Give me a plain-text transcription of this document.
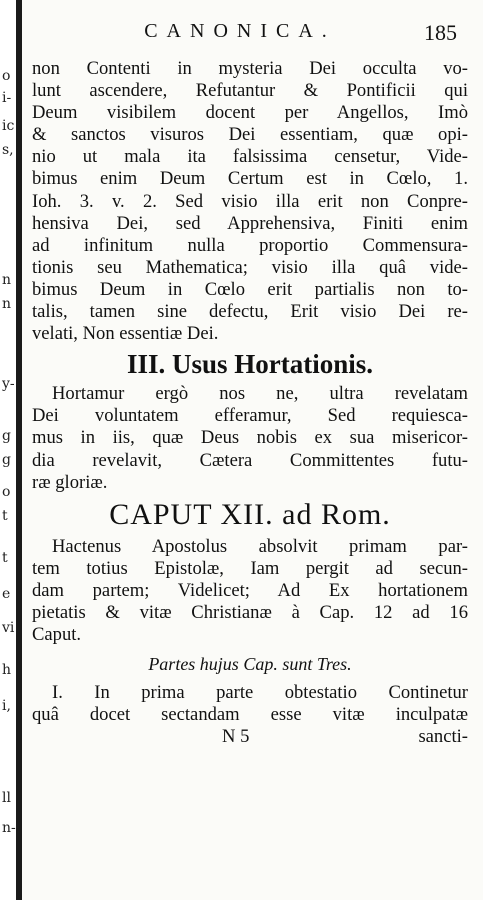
o
i-
ic
s,
n
n
y-
g
g
o
t
t
e
vi
h
i,
ll
n-
CANONICA.	185
non Contenti in mysteria Dei occulta vo-
lunt ascendere, Refutantur & Pontificii qui
Deum visibilem docent per Angellos, Imò
& sanctos visuros Dei essentiam, quæ opi-
nio ut mala ita falsissima censetur, Vide-
bimus enim Deum Certum est in Cœlo, 1.
Ioh. 3. v. 2. Sed visio illa erit non Conpre-
hensiva Dei, sed Apprehensiva, Finiti enim
ad infinitum nulla proportio Commensura-
tionis seu Mathematica; visio illa quâ vide-
bimus Deum in Cœlo erit partialis non to-
talis, tamen sine defectu, Erit visio Dei re-
velati, Non essentiæ Dei.
III. Usus Hortationis.
Hortamur ergò nos ne, ultra revelatam
Dei voluntatem efferamur, Sed requiesca-
mus in iis, quæ Deus nobis ex sua misericor-
dia revelavit, Cætera Committentes futu-
ræ gloriæ.
CAPUT XII. ad Rom.
Hactenus Apostolus absolvit primam par-
tem totius Epistolæ, Iam pergit ad secun-
dam partem; Videlicet; Ad Ex hortationem
pietatis & vitæ Christianæ à Cap. 12 ad 16
Caput.
Partes hujus Cap. sunt Tres.
I. In prima parte obtestatio Continetur
quâ docet sectandam esse vitæ inculpatæ
N 5	sancti-
